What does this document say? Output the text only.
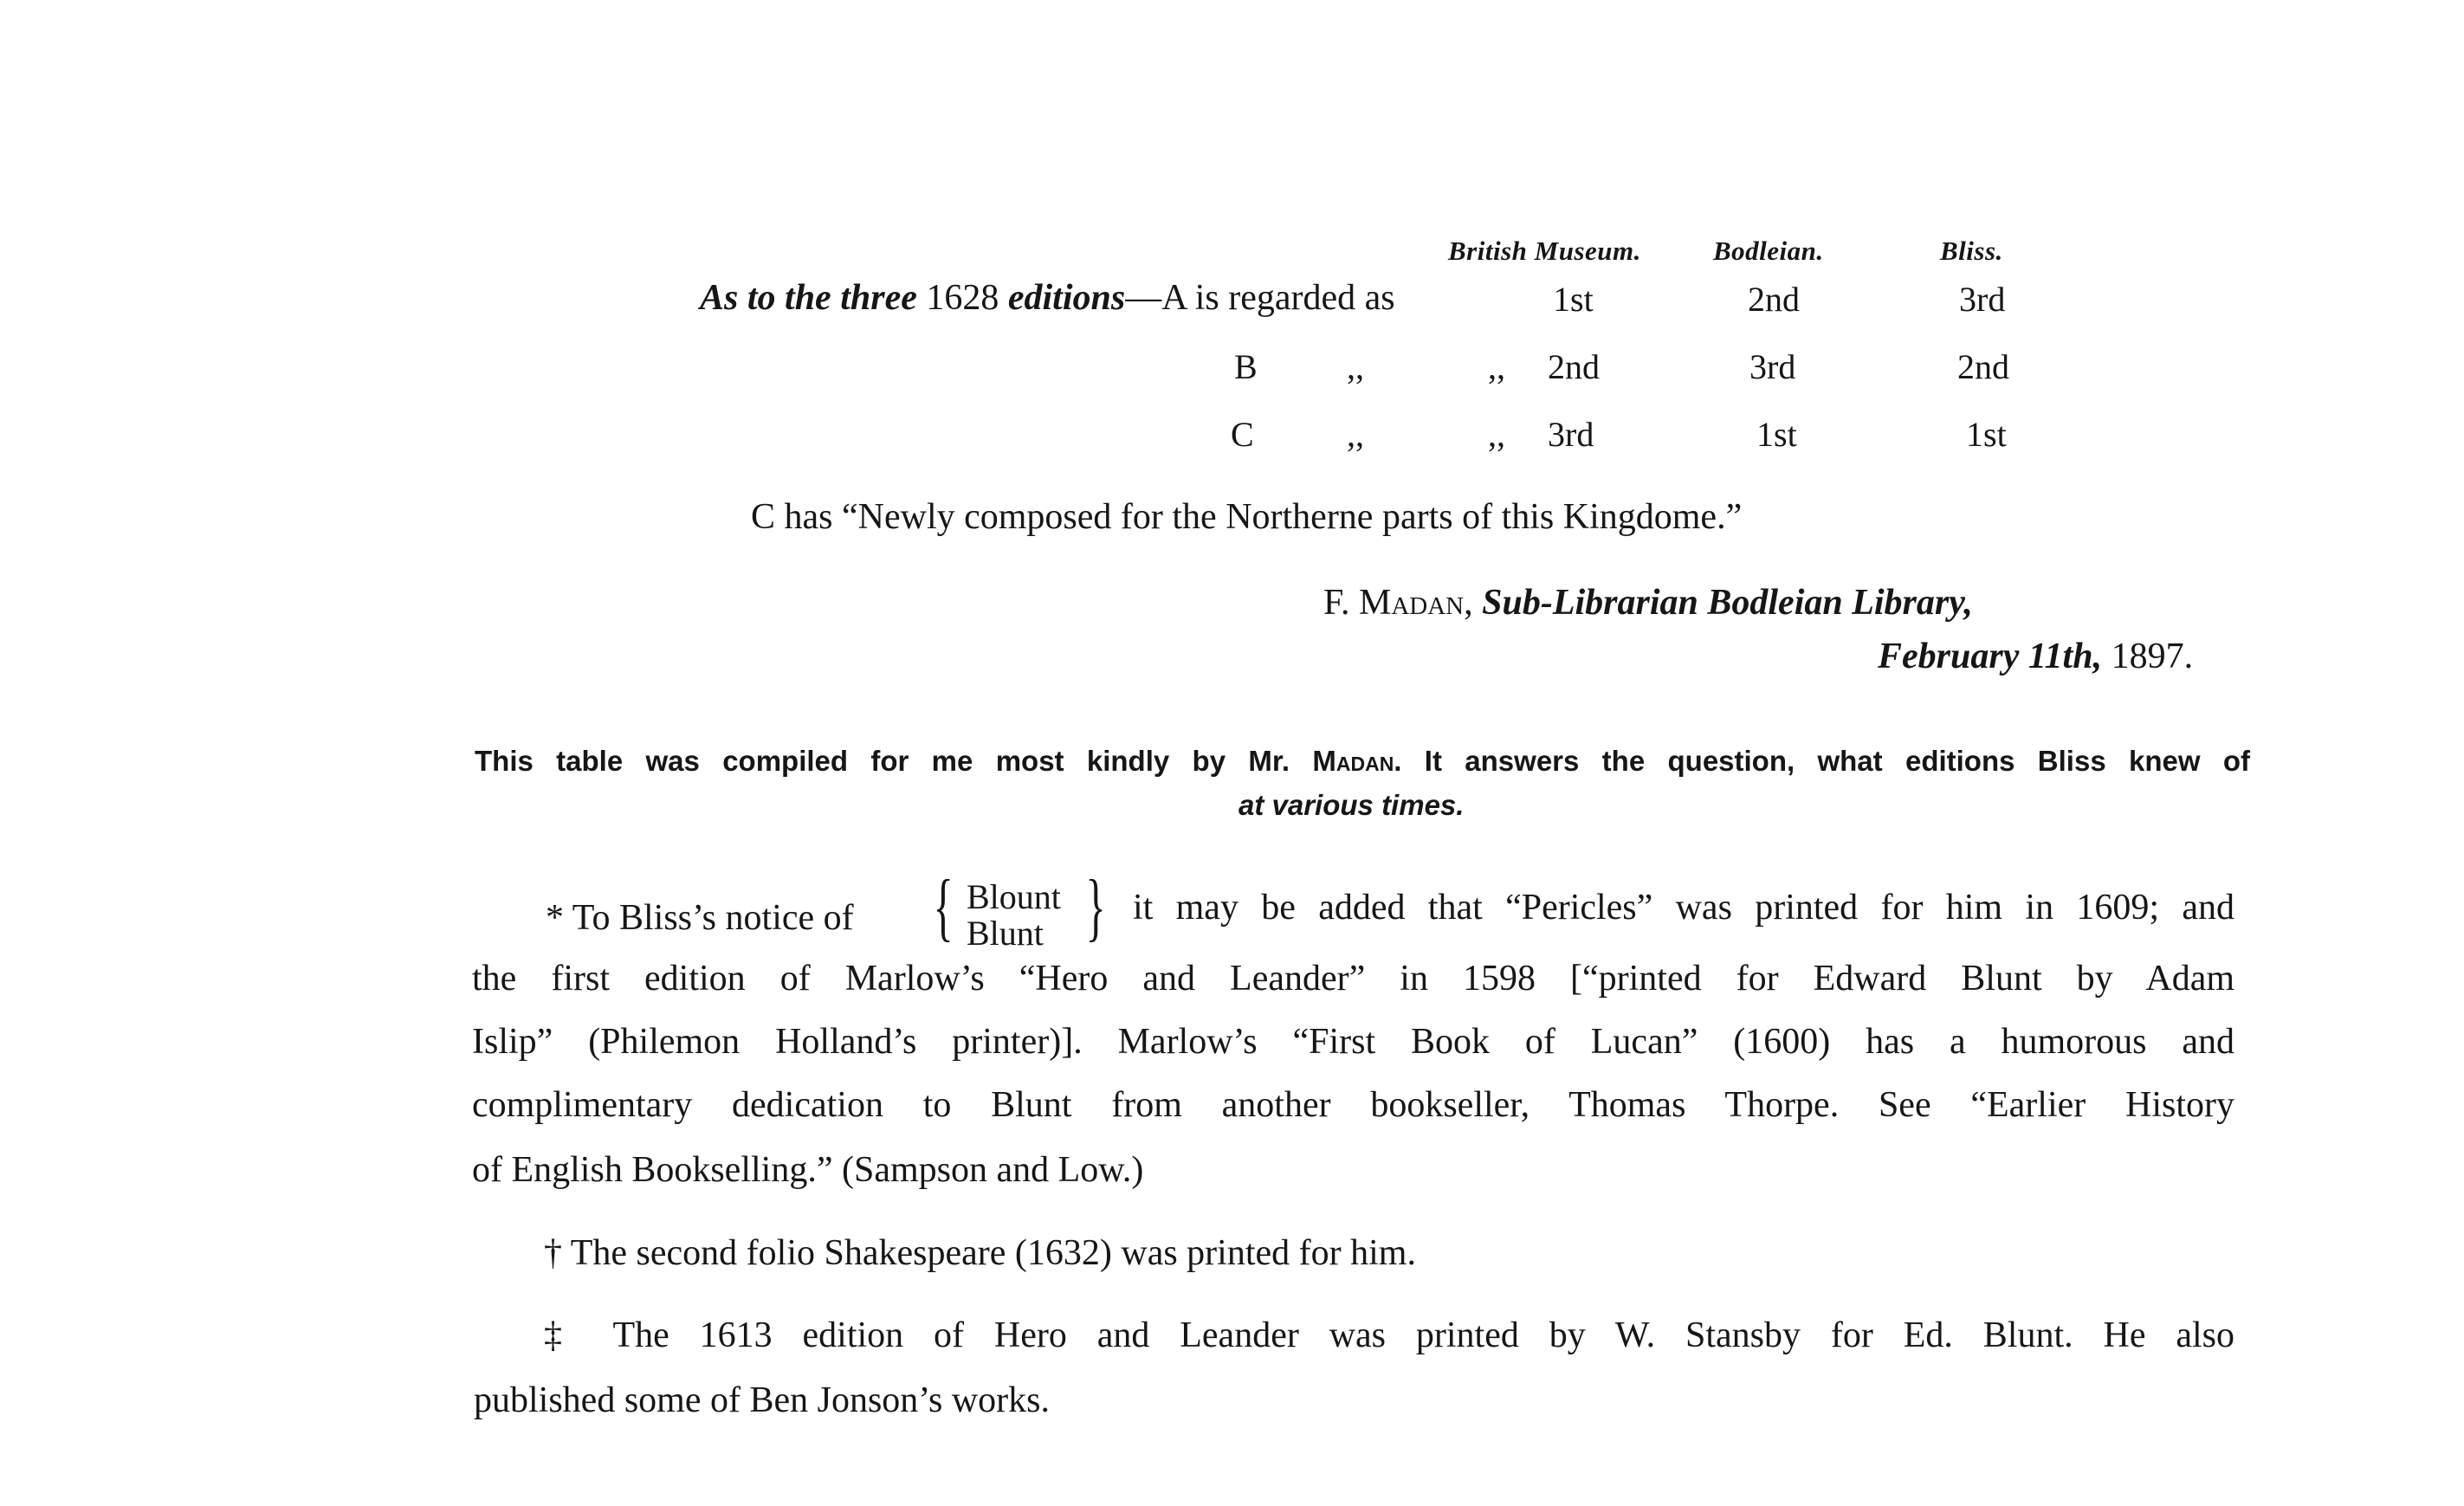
British Museum.	Bodleian.	Bliss.
As to the three 1628 editions—A is regarded as	1st	2nd	3rd
B	,,	,, 2nd	3rd	2nd
C	,,	,, 3rd	1st	1st
C has “Newly composed for the Northerne parts of this Kingdome.”
F. Madan, Sub-Librarian Bodleian Library,
February 11th, 1897.
This table was compiled for me most kindly by Mr. Madan. It answers the question, what editions Bliss knew of
at various times.
* To Bliss’s notice of { Blount
Blunt } it may be added that “Pericles” was printed for him in 1609; and
the first edition of Marlow’s “Hero and Leander” in 1598 [“printed for Edward Blunt by Adam
Islip” (Philemon Holland’s printer)]. Marlow’s “First Book of Lucan” (1600) has a humorous and
complimentary dedication to Blunt from another bookseller, Thomas Thorpe. See “Earlier History
of English Bookselling.” (Sampson and Low.)
† The second folio Shakespeare (1632) was printed for him.
‡ The 1613 edition of Hero and Leander was printed by W. Stansby for Ed. Blunt. He also
published some of Ben Jonson’s works.
